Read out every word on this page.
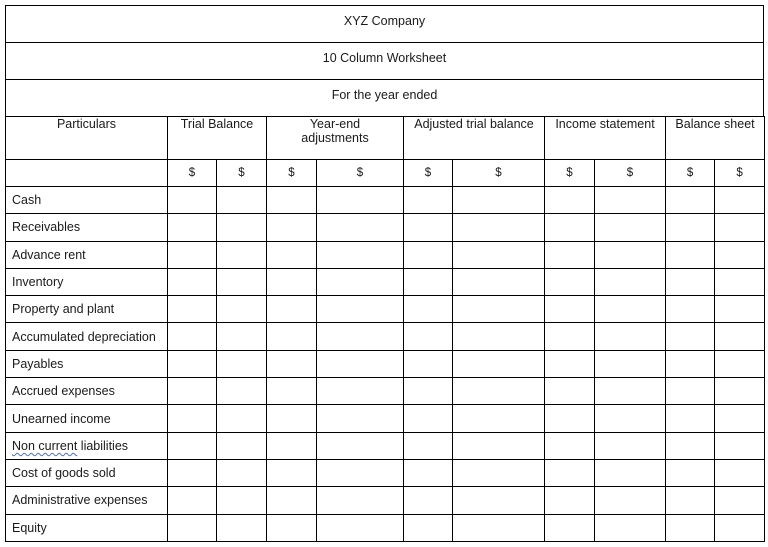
XYZ Company
10 Column Worksheet
For the year ended
Particulars	Trial Balance		Year-end adjustments		Adjusted trial balance		Income statement		Balance sheet	
	$	$	$	$	$	$	$	$	$	$
Cash										
Receivables										
Advance rent										
Inventory										
Property and plant										
Accumulated depreciation										
Payables										
Accrued expenses										
Unearned income										
Non current liabilities										
Cost of goods sold										
Administrative expenses										
Equity										
